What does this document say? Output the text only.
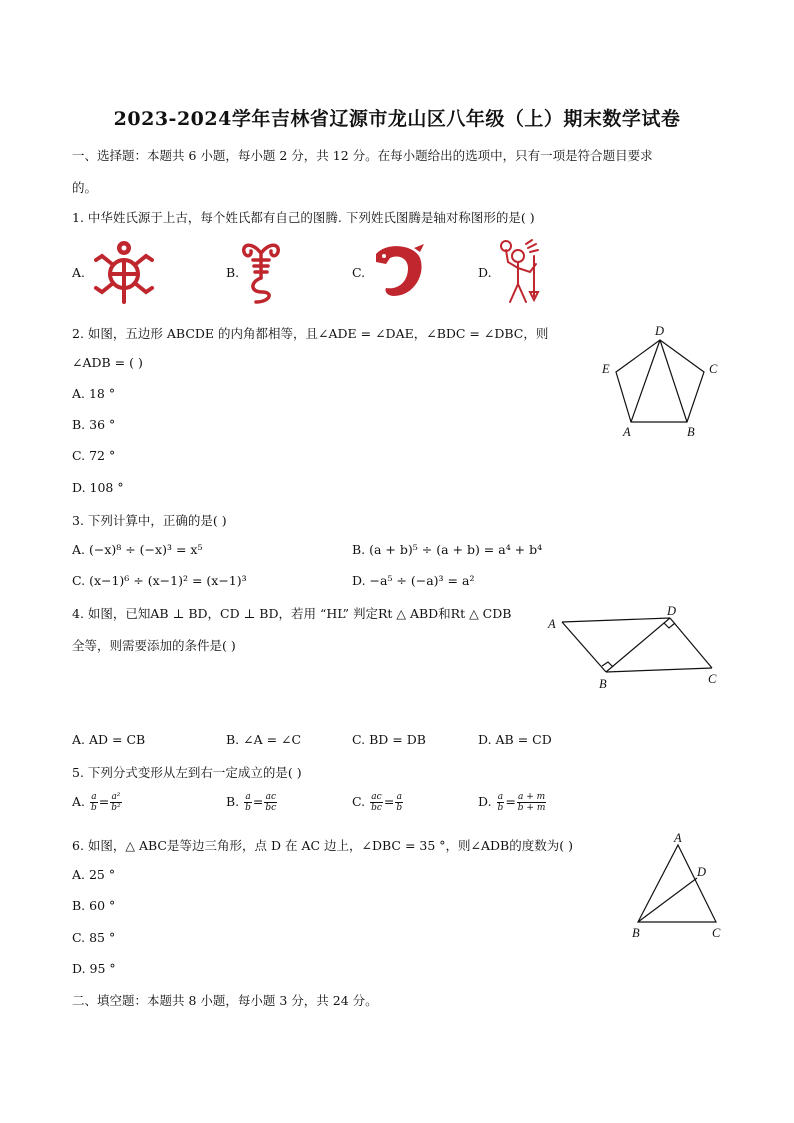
2023-2024学年吉林省辽源市龙山区八年级（上）期末数学试卷
一、选择题：本题共 6 小题，每小题 2 分，共 12 分。在每小题给出的选项中，只有一项是符合题目要求
的。
1. 中华姓氏源于上古，每个姓氏都有自己的图腾. 下列姓氏图腾是轴对称图形的是( )
A.	B.	C.	D.
2. 如图，五边形 ABCDE 的内角都相等，且∠ADE = ∠DAE，∠BDC = ∠DBC，则
∠ADB = ( )
A. 18 °
B. 36 °
C. 72 °
D. 108 °
D
E	C
A	B
3. 下列计算中，正确的是( )
A. (−x)⁸ ÷ (−x)³ = x⁵	B. (a + b)⁵ ÷ (a + b) = a⁴ + b⁴
C. (x−1)⁶ ÷ (x−1)² = (x−1)³	D. −a⁵ ÷ (−a)³ = a²
4. 如图，已知AB ⊥ BD，CD ⊥ BD，若用 “HL” 判定Rt △ ABD和Rt △ CDB
全等，则需要添加的条件是( )
A
D
B	C
A. AD = CB	B. ∠A = ∠C	C. BD = DB	D. AB = CD
5. 下列分式变形从左到右一定成立的是( )
A. $\frac{a}{b} = \frac{\text{a²}}{\text{b²}}$	B. $\frac{a}{b} = \frac{ac}{bc}$	C. $\frac{ac}{bc} = \frac{a}{b}$	D. $\frac{a}{b} = \frac{a + m}{b + m}$
6. 如图，△ ABC是等边三角形，点 D 在 AC 边上，∠DBC = 35 °，则∠ADB的度数为( )
A. 25 °
B. 60 °
C. 85 °
D. 95 °
A
D
B	C
二、填空题：本题共 8 小题，每小题 3 分，共 24 分。
